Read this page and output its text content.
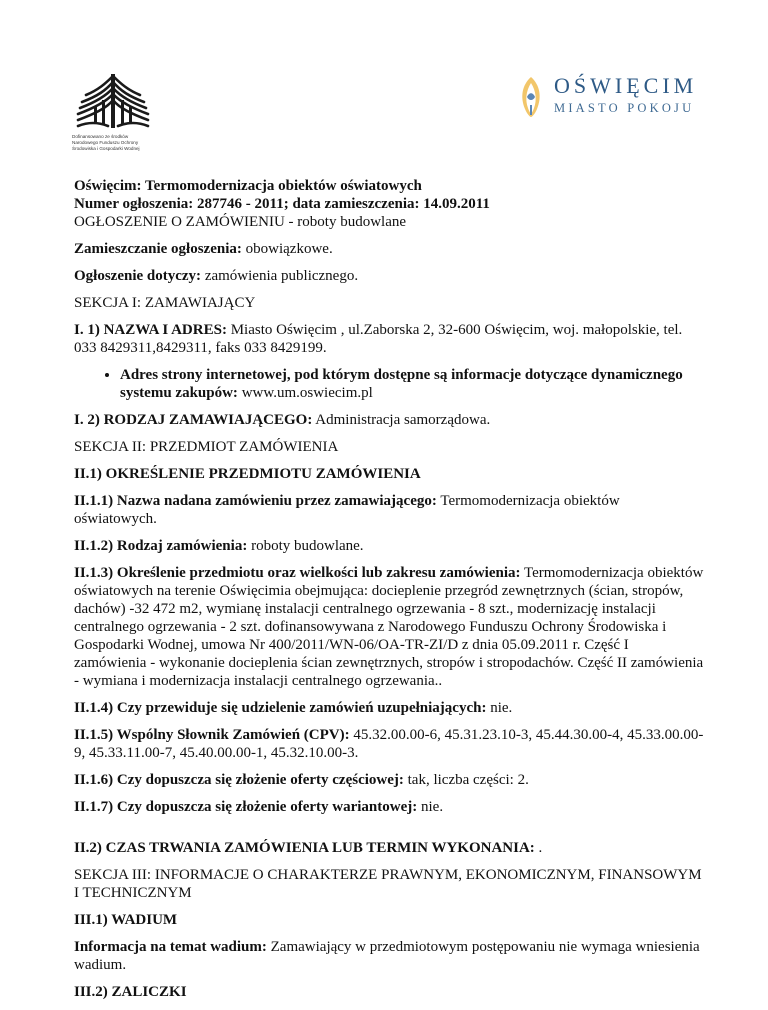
Dofinansowano ze środków Narodowego Funduszu Ochrony Środowiska i Gospodarki Wodnej
OŚWIĘCIM
MIASTO POKOJU

Oświęcim: Termomodernizacja obiektów oświatowych
Numer ogłoszenia: 287746 - 2011; data zamieszczenia: 14.09.2011
OGŁOSZENIE O ZAMÓWIENIU - roboty budowlane

Zamieszczanie ogłoszenia: obowiązkowe.

Ogłoszenie dotyczy: zamówienia publicznego.

SEKCJA I: ZAMAWIAJĄCY

I. 1) NAZWA I ADRES: Miasto Oświęcim , ul.Zaborska 2, 32-600 Oświęcim, woj. małopolskie, tel. 033 8429311,8429311, faks 033 8429199.

• Adres strony internetowej, pod którym dostępne są informacje dotyczące dynamicznego systemu zakupów: www.um.oswiecim.pl

I. 2) RODZAJ ZAMAWIAJĄCEGO: Administracja samorządowa.

SEKCJA II: PRZEDMIOT ZAMÓWIENIA

II.1) OKREŚLENIE PRZEDMIOTU ZAMÓWIENIA

II.1.1) Nazwa nadana zamówieniu przez zamawiającego: Termomodernizacja obiektów oświatowych.

II.1.2) Rodzaj zamówienia: roboty budowlane.

II.1.3) Określenie przedmiotu oraz wielkości lub zakresu zamówienia: Termomodernizacja obiektów oświatowych na terenie Oświęcimia obejmująca: docieplenie przegród zewnętrznych (ścian, stropów, dachów) -32 472 m2, wymianę instalacji centralnego ogrzewania - 8 szt., modernizację instalacji centralnego ogrzewania - 2 szt. dofinansowywana z Narodowego Funduszu Ochrony Środowiska i Gospodarki Wodnej, umowa Nr 400/2011/WN-06/OA-TR-ZI/D z dnia 05.09.2011 r. Część I zamówienia - wykonanie docieplenia ścian zewnętrznych, stropów i stropodachów. Część II zamówienia - wymiana i modernizacja instalacji centralnego ogrzewania..

II.1.4) Czy przewiduje się udzielenie zamówień uzupełniających: nie.

II.1.5) Wspólny Słownik Zamówień (CPV): 45.32.00.00-6, 45.31.23.10-3, 45.44.30.00-4, 45.33.00.00-9, 45.33.11.00-7, 45.40.00.00-1, 45.32.10.00-3.

II.1.6) Czy dopuszcza się złożenie oferty częściowej: tak, liczba części: 2.

II.1.7) Czy dopuszcza się złożenie oferty wariantowej: nie.

II.2) CZAS TRWANIA ZAMÓWIENIA LUB TERMIN WYKONANIA: .

SEKCJA III: INFORMACJE O CHARAKTERZE PRAWNYM, EKONOMICZNYM, FINANSOWYM I TECHNICZNYM

III.1) WADIUM

Informacja na temat wadium: Zamawiający w przedmiotowym postępowaniu nie wymaga wniesienia wadium.

III.2) ZALICZKI
